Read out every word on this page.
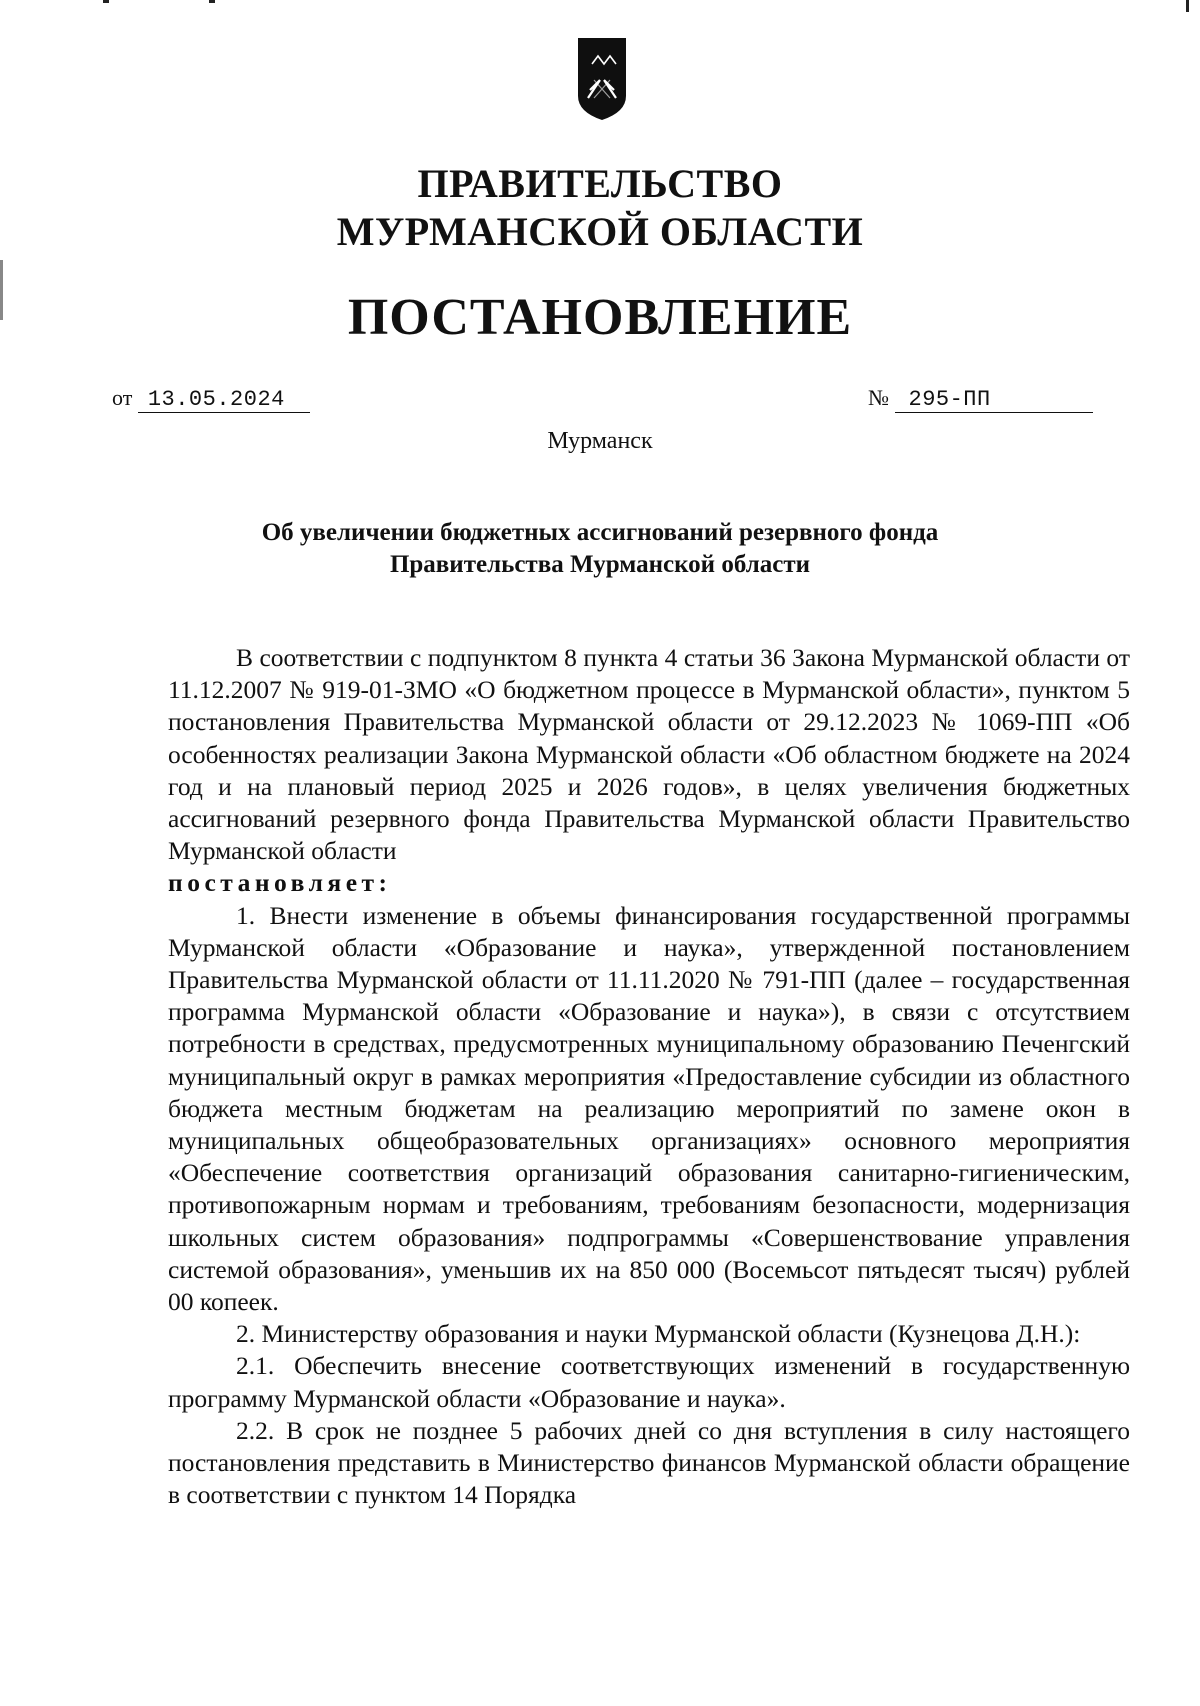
ПРАВИТЕЛЬСТВО
МУРМАНСКОЙ ОБЛАСТИ
ПОСТАНОВЛЕНИЕ
от 13.05.2024	№ 295-ПП
Мурманск
Об увеличении бюджетных ассигнований резервного фонда
Правительства Мурманской области

В соответствии с подпунктом 8 пункта 4 статьи 36 Закона Мурманской области от 11.12.2007 № 919-01-ЗМО «О бюджетном процессе в Мурманской области», пунктом 5 постановления Правительства Мурманской области от 29.12.2023 № 1069-ПП «Об особенностях реализации Закона Мурманской области «Об областном бюджете на 2024 год и на плановый период 2025 и 2026 годов», в целях увеличения бюджетных ассигнований резервного фонда Правительства Мурманской области Правительство Мурманской области

постановляет:

1. Внести изменение в объемы финансирования государственной программы Мурманской области «Образование и наука», утвержденной постановлением Правительства Мурманской области от 11.11.2020 № 791-ПП (далее – государственная программа Мурманской области «Образование и наука»), в связи с отсутствием потребности в средствах, предусмотренных муниципальному образованию Печенгский муниципальный округ в рамках мероприятия «Предоставление субсидии из областного бюджета местным бюджетам на реализацию мероприятий по замене окон в муниципальных общеобразовательных организациях» основного мероприятия «Обеспечение соответствия организаций образования санитарно-гигиеническим, противопожарным нормам и требованиям, требованиям безопасности, модернизация школьных систем образования» подпрограммы «Совершенствование управления системой образования», уменьшив их на 850 000 (Восемьсот пятьдесят тысяч) рублей 00 копеек.

2. Министерству образования и науки Мурманской области (Кузнецова Д.Н.):

2.1. Обеспечить внесение соответствующих изменений в государственную программу Мурманской области «Образование и наука».

2.2. В срок не позднее 5 рабочих дней со дня вступления в силу настоящего постановления представить в Министерство финансов Мурманской области обращение в соответствии с пунктом 14 Порядка
